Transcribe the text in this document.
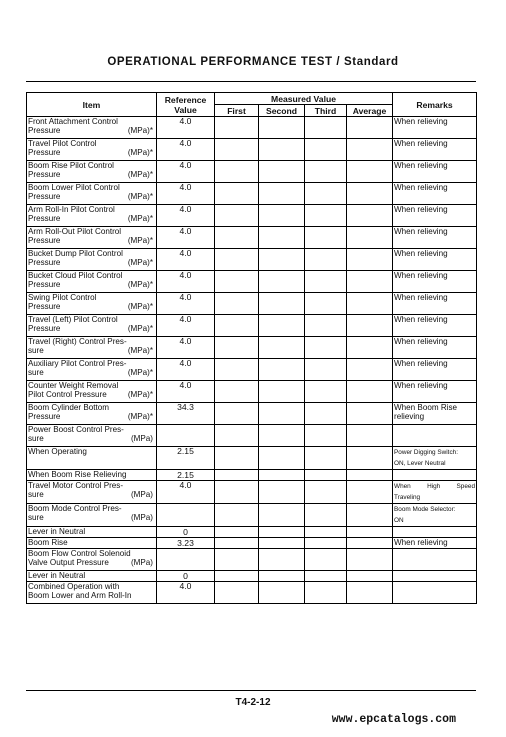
OPERATIONAL PERFORMANCE TEST / Standard
Item	Reference Value	Measured Value				Remarks
		First	Second	Third	Average	

Front Attachment Control
Pressure (MPa)*	4.0					When relieving

Travel Pilot Control
Pressure (MPa)*	4.0					When relieving

Boom Rise Pilot Control
Pressure (MPa)*	4.0					When relieving

Boom Lower Pilot Control
Pressure (MPa)*	4.0					When relieving

Arm Roll-In Pilot Control
Pressure (MPa)*	4.0					When relieving

Arm Roll-Out Pilot Control
Pressure (MPa)*	4.0					When relieving

Bucket Dump Pilot Control
Pressure (MPa)*	4.0					When relieving

Bucket Cloud Pilot Control
Pressure (MPa)*	4.0					When relieving

Swing Pilot Control
Pressure (MPa)*	4.0					When relieving

Travel (Left) Pilot Control
Pressure (MPa)*	4.0					When relieving

Travel (Right) Control Pres-
sure (MPa)*	4.0					When relieving

Auxiliary Pilot Control Pres-
sure (MPa)*	4.0					When relieving

Counter Weight Removal
Pilot Control Pressure (MPa)*	4.0					When relieving

Boom Cylinder Bottom
Pressure (MPa)*	34.3					When Boom Rise
relieving

Power Boost Control Pres-
sure (MPa)						

When Operating	2.15					Power Digging Switch:
ON, Lever Neutral

When Boom Rise Relieving	2.15					

Travel Motor Control Pres-
sure (MPa)	4.0					When High Speed
Traveling

Boom Mode Control Pres-
sure (MPa)						Boom Mode Selector:
ON

Lever in Neutral	0					
Boom Rise	3.23					When relieving

Boom Flow Control Solenoid
Valve Output Pressure (MPa)						

Lever in Neutral	0					

Combined Operation with
Boom Lower and Arm Roll-In	4.0					
T4-2-12
www.epcatalogs.com
